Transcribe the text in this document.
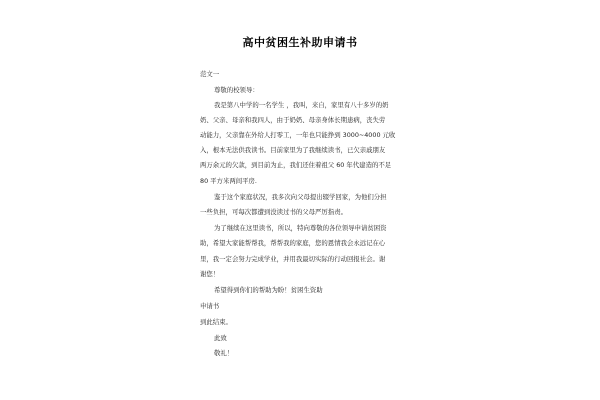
高中贫困生补助申请书
范文一
尊敬的校领导：
我是第八中学的一名学生 ，我叫，来自，家里有八十多岁的奶
奶、父亲、母亲和我四人，由于奶奶、母亲身体长期患病，丧失劳
动能力，父亲靠在外给人打零工，一年也只能挣到 3000~4000 元收
入，根本无法供我读书。目前家里为了我继续读书，已欠亲戚朋友
两万余元的欠款，到目前为止，我们还住着祖父 60 年代建造的不足
80 平方米两间平房.
鉴于这个家庭状况，我多次向父母提出辍学回家，为他们分担
一些负担，可每次都遭到没读过书的父母严厉指责。
为了继续在这里读书，所以，特向尊敬的各位领导申请贫困资
助，希望大家能帮帮我，帮帮我的家庭，您的恩情我会永远记在心
里，我一定会努力完成学业，并用我最切实际的行动回报社会。谢
谢您！
希望得到你们的帮助为盼！贫困生资助
申请书
到此结束。
此致
敬礼！
